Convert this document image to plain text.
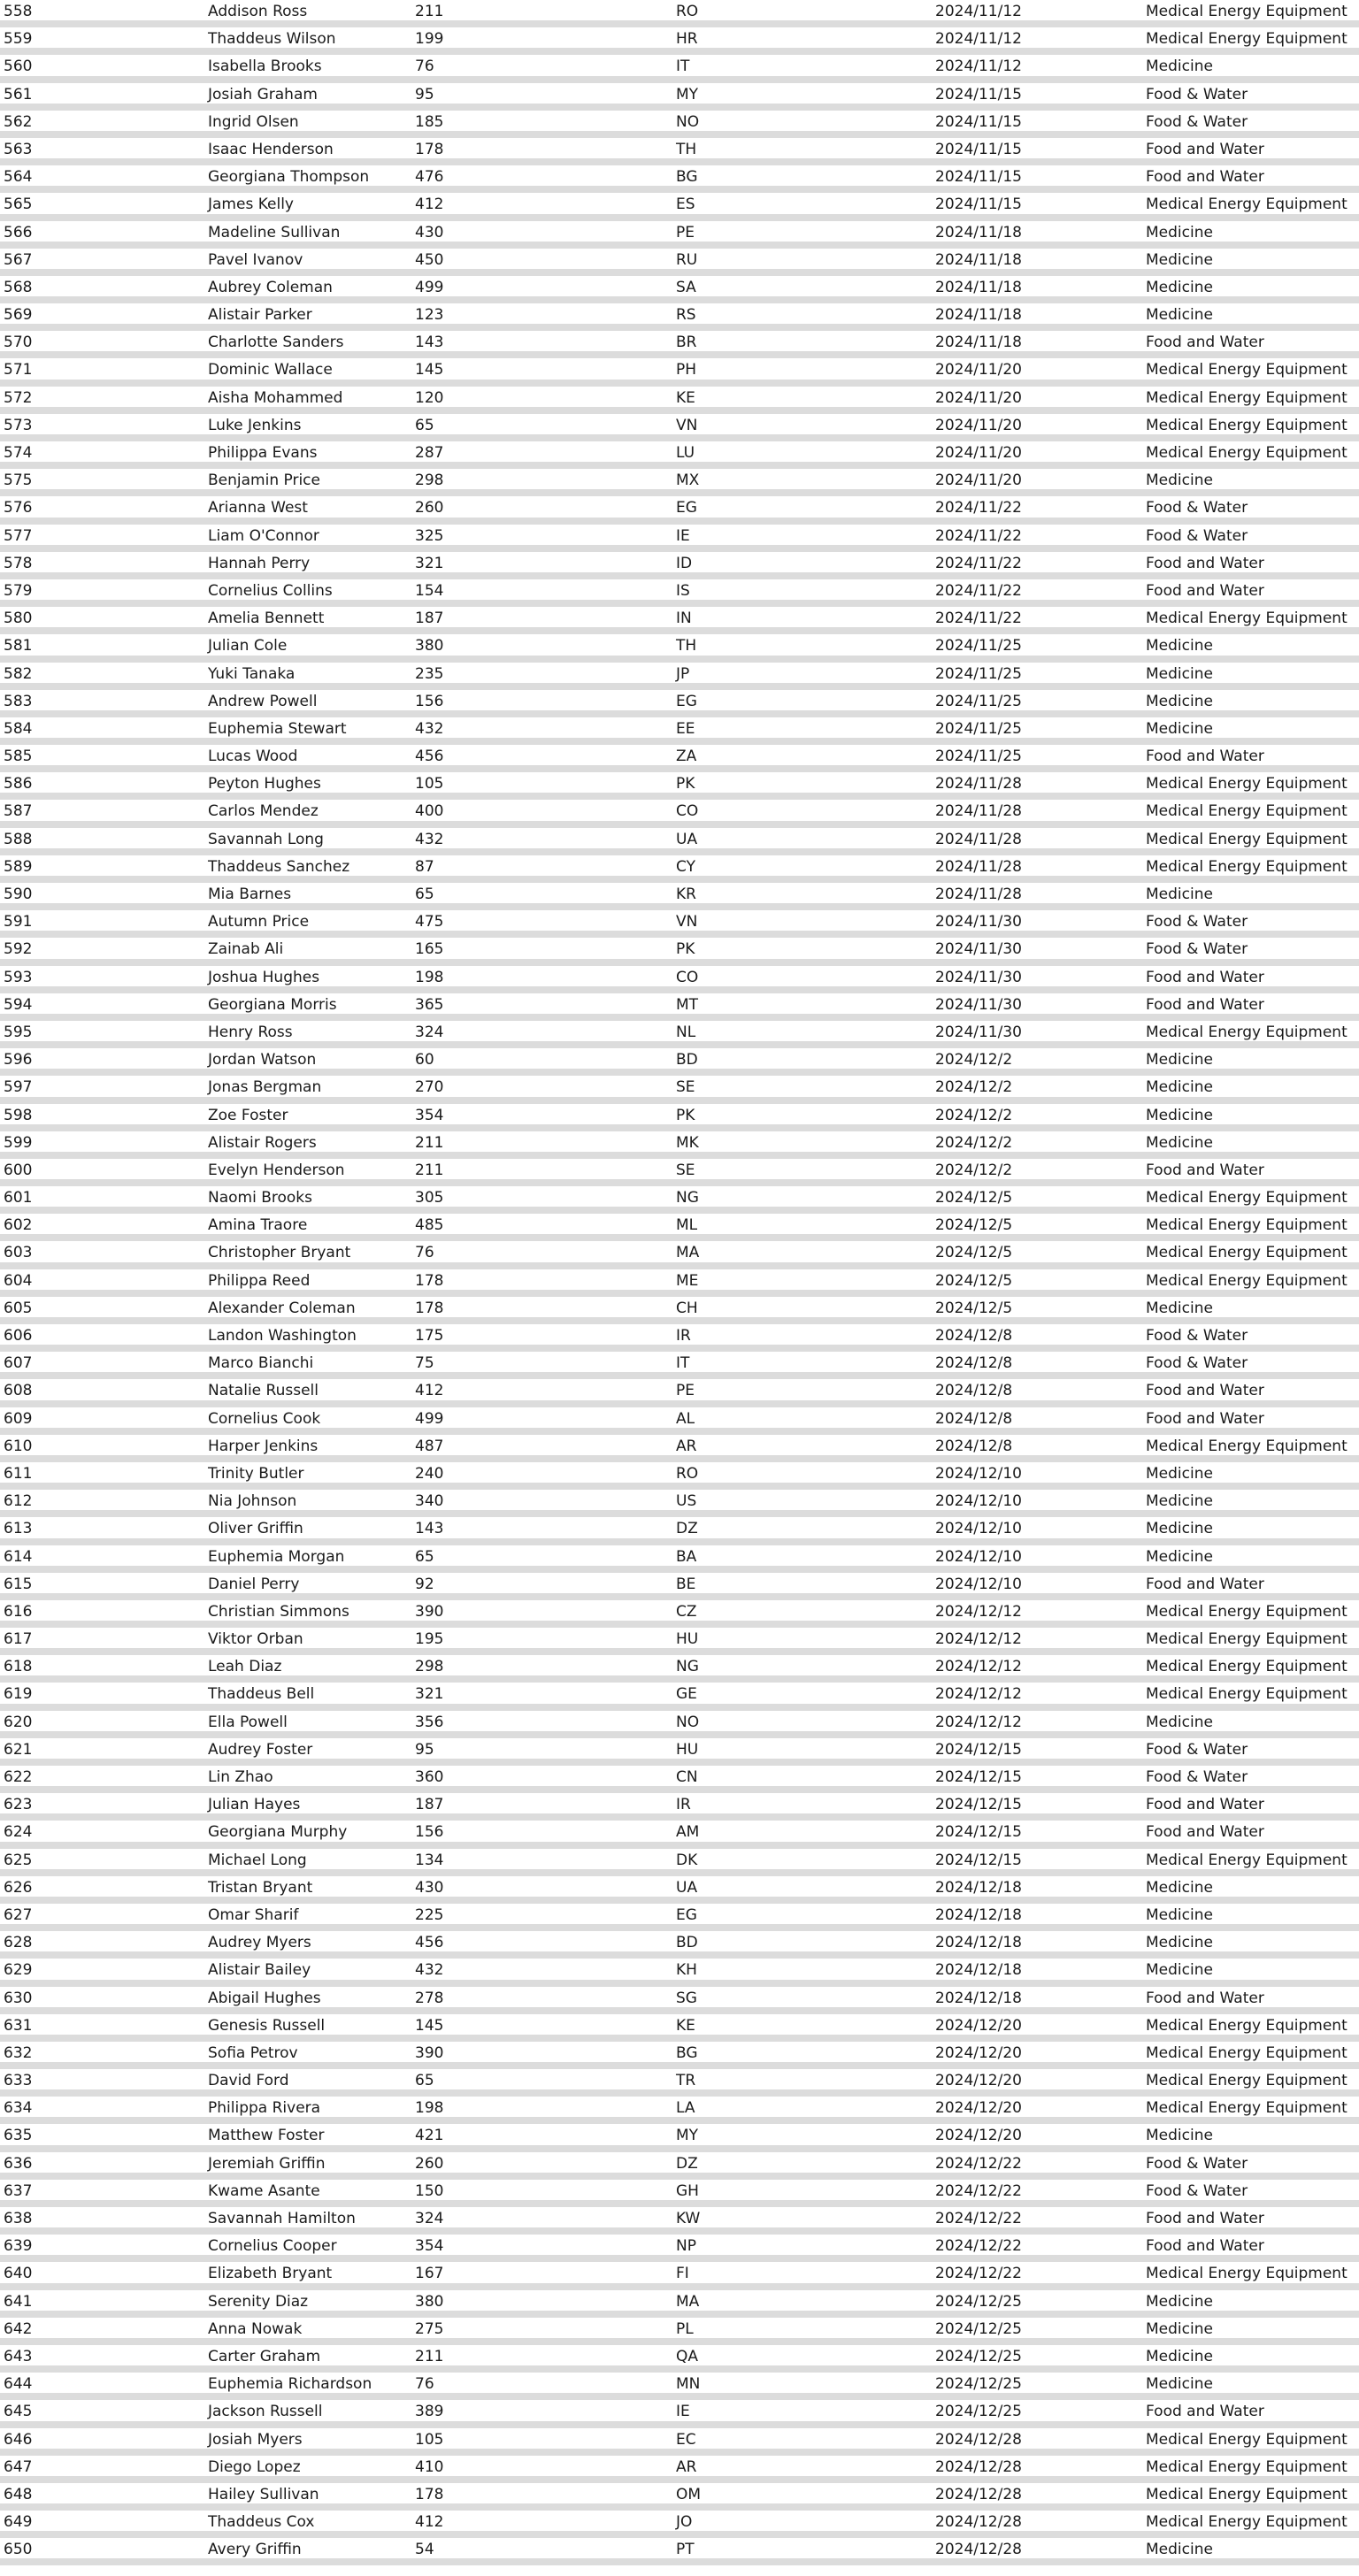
558	Addison Ross	211	RO	2024/11/12	Medical Energy Equipment
559	Thaddeus Wilson	199	HR	2024/11/12	Medical Energy Equipment
560	Isabella Brooks	76	IT	2024/11/12	Medicine
561	Josiah Graham	95	MY	2024/11/15	Food & Water
562	Ingrid Olsen	185	NO	2024/11/15	Food & Water
563	Isaac Henderson	178	TH	2024/11/15	Food and Water
564	Georgiana Thompson	476	BG	2024/11/15	Food and Water
565	James Kelly	412	ES	2024/11/15	Medical Energy Equipment
566	Madeline Sullivan	430	PE	2024/11/18	Medicine
567	Pavel Ivanov	450	RU	2024/11/18	Medicine
568	Aubrey Coleman	499	SA	2024/11/18	Medicine
569	Alistair Parker	123	RS	2024/11/18	Medicine
570	Charlotte Sanders	143	BR	2024/11/18	Food and Water
571	Dominic Wallace	145	PH	2024/11/20	Medical Energy Equipment
572	Aisha Mohammed	120	KE	2024/11/20	Medical Energy Equipment
573	Luke Jenkins	65	VN	2024/11/20	Medical Energy Equipment
574	Philippa Evans	287	LU	2024/11/20	Medical Energy Equipment
575	Benjamin Price	298	MX	2024/11/20	Medicine
576	Arianna West	260	EG	2024/11/22	Food & Water
577	Liam O'Connor	325	IE	2024/11/22	Food & Water
578	Hannah Perry	321	ID	2024/11/22	Food and Water
579	Cornelius Collins	154	IS	2024/11/22	Food and Water
580	Amelia Bennett	187	IN	2024/11/22	Medical Energy Equipment
581	Julian Cole	380	TH	2024/11/25	Medicine
582	Yuki Tanaka	235	JP	2024/11/25	Medicine
583	Andrew Powell	156	EG	2024/11/25	Medicine
584	Euphemia Stewart	432	EE	2024/11/25	Medicine
585	Lucas Wood	456	ZA	2024/11/25	Food and Water
586	Peyton Hughes	105	PK	2024/11/28	Medical Energy Equipment
587	Carlos Mendez	400	CO	2024/11/28	Medical Energy Equipment
588	Savannah Long	432	UA	2024/11/28	Medical Energy Equipment
589	Thaddeus Sanchez	87	CY	2024/11/28	Medical Energy Equipment
590	Mia Barnes	65	KR	2024/11/28	Medicine
591	Autumn Price	475	VN	2024/11/30	Food & Water
592	Zainab Ali	165	PK	2024/11/30	Food & Water
593	Joshua Hughes	198	CO	2024/11/30	Food and Water
594	Georgiana Morris	365	MT	2024/11/30	Food and Water
595	Henry Ross	324	NL	2024/11/30	Medical Energy Equipment
596	Jordan Watson	60	BD	2024/12/2	Medicine
597	Jonas Bergman	270	SE	2024/12/2	Medicine
598	Zoe Foster	354	PK	2024/12/2	Medicine
599	Alistair Rogers	211	MK	2024/12/2	Medicine
600	Evelyn Henderson	211	SE	2024/12/2	Food and Water
601	Naomi Brooks	305	NG	2024/12/5	Medical Energy Equipment
602	Amina Traore	485	ML	2024/12/5	Medical Energy Equipment
603	Christopher Bryant	76	MA	2024/12/5	Medical Energy Equipment
604	Philippa Reed	178	ME	2024/12/5	Medical Energy Equipment
605	Alexander Coleman	178	CH	2024/12/5	Medicine
606	Landon Washington	175	IR	2024/12/8	Food & Water
607	Marco Bianchi	75	IT	2024/12/8	Food & Water
608	Natalie Russell	412	PE	2024/12/8	Food and Water
609	Cornelius Cook	499	AL	2024/12/8	Food and Water
610	Harper Jenkins	487	AR	2024/12/8	Medical Energy Equipment
611	Trinity Butler	240	RO	2024/12/10	Medicine
612	Nia Johnson	340	US	2024/12/10	Medicine
613	Oliver Griffin	143	DZ	2024/12/10	Medicine
614	Euphemia Morgan	65	BA	2024/12/10	Medicine
615	Daniel Perry	92	BE	2024/12/10	Food and Water
616	Christian Simmons	390	CZ	2024/12/12	Medical Energy Equipment
617	Viktor Orban	195	HU	2024/12/12	Medical Energy Equipment
618	Leah Diaz	298	NG	2024/12/12	Medical Energy Equipment
619	Thaddeus Bell	321	GE	2024/12/12	Medical Energy Equipment
620	Ella Powell	356	NO	2024/12/12	Medicine
621	Audrey Foster	95	HU	2024/12/15	Food & Water
622	Lin Zhao	360	CN	2024/12/15	Food & Water
623	Julian Hayes	187	IR	2024/12/15	Food and Water
624	Georgiana Murphy	156	AM	2024/12/15	Food and Water
625	Michael Long	134	DK	2024/12/15	Medical Energy Equipment
626	Tristan Bryant	430	UA	2024/12/18	Medicine
627	Omar Sharif	225	EG	2024/12/18	Medicine
628	Audrey Myers	456	BD	2024/12/18	Medicine
629	Alistair Bailey	432	KH	2024/12/18	Medicine
630	Abigail Hughes	278	SG	2024/12/18	Food and Water
631	Genesis Russell	145	KE	2024/12/20	Medical Energy Equipment
632	Sofia Petrov	390	BG	2024/12/20	Medical Energy Equipment
633	David Ford	65	TR	2024/12/20	Medical Energy Equipment
634	Philippa Rivera	198	LA	2024/12/20	Medical Energy Equipment
635	Matthew Foster	421	MY	2024/12/20	Medicine
636	Jeremiah Griffin	260	DZ	2024/12/22	Food & Water
637	Kwame Asante	150	GH	2024/12/22	Food & Water
638	Savannah Hamilton	324	KW	2024/12/22	Food and Water
639	Cornelius Cooper	354	NP	2024/12/22	Food and Water
640	Elizabeth Bryant	167	FI	2024/12/22	Medical Energy Equipment
641	Serenity Diaz	380	MA	2024/12/25	Medicine
642	Anna Nowak	275	PL	2024/12/25	Medicine
643	Carter Graham	211	QA	2024/12/25	Medicine
644	Euphemia Richardson	76	MN	2024/12/25	Medicine
645	Jackson Russell	389	IE	2024/12/25	Food and Water
646	Josiah Myers	105	EC	2024/12/28	Medical Energy Equipment
647	Diego Lopez	410	AR	2024/12/28	Medical Energy Equipment
648	Hailey Sullivan	178	OM	2024/12/28	Medical Energy Equipment
649	Thaddeus Cox	412	JO	2024/12/28	Medical Energy Equipment
650	Avery Griffin	54	PT	2024/12/28	Medicine
